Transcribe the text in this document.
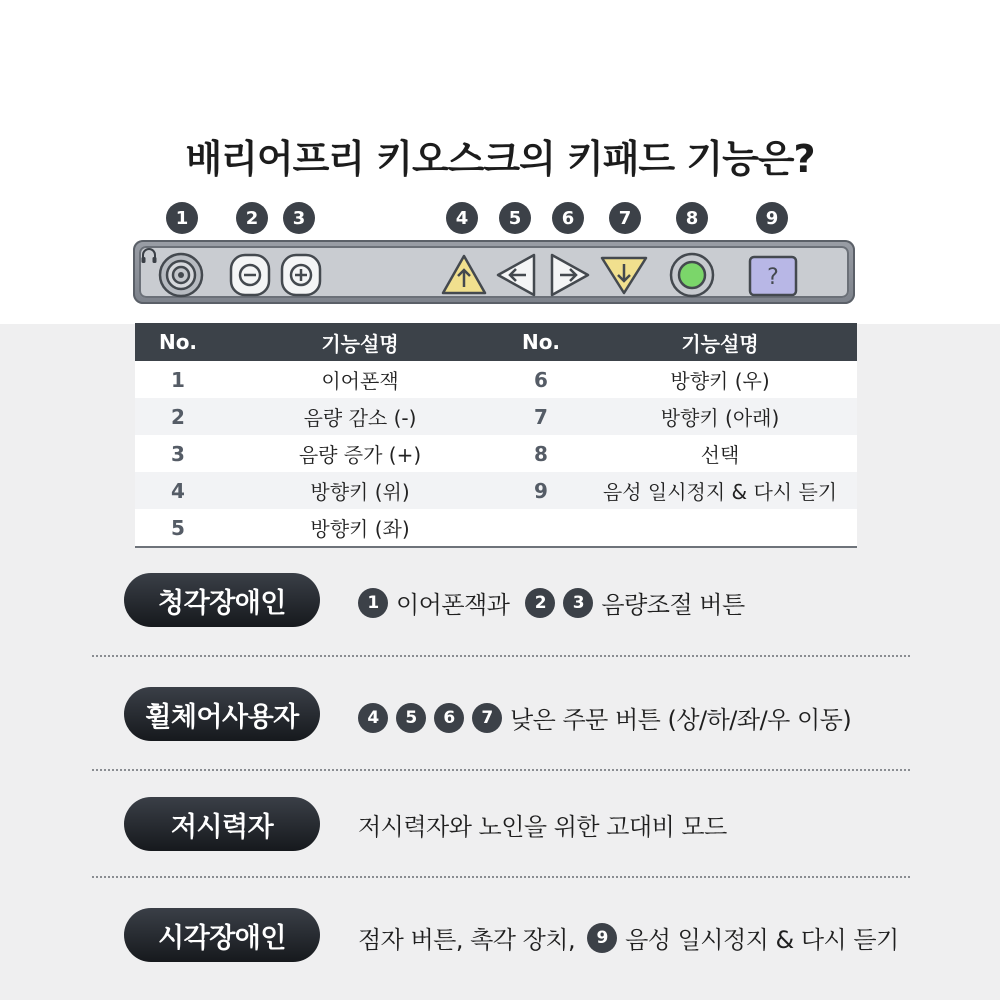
배리어프리 키오스크의 키패드 기능은?
1	2	3	4	5	6	7	8	9
?
No.	기능설명	No.	기능설명
1	이어폰잭	6	방향키 (우)
2	음량 감소 (-)	7	방향키 (아래)
3	음량 증가 (+)	8	선택
4	방향키 (위)	9	음성 일시정지 & 다시 듣기
5	방향키 (좌)		
청각장애인	1 이어폰잭과	2	3 음량조절 버튼
휠체어사용자	4	5	6	7 낮은 주문 버튼 (상/하/좌/우 이동)
저시력자	저시력자와 노인을 위한 고대비 모드
시각장애인	점자 버튼, 촉각 장치,	9 음성 일시정지 & 다시 듣기
